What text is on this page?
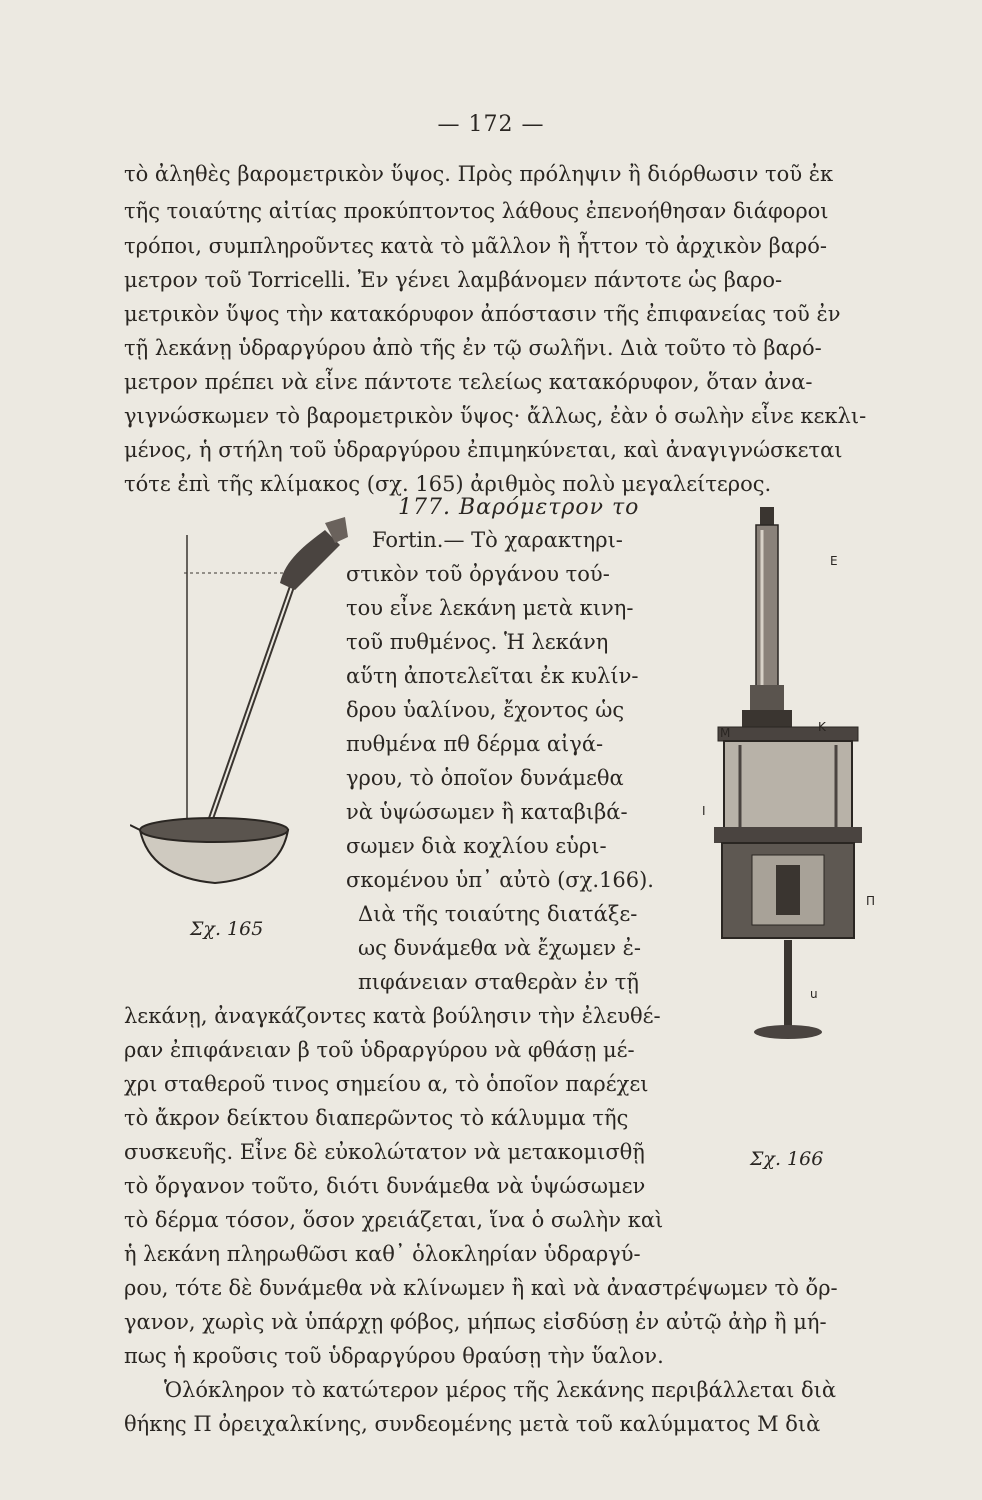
— 172 —
τὸ ἀληθὲς βαρομετρικὸν ὕψος. Πρὸς πρόληψιν ἢ διόρθωσιν τοῦ ἐκ
τῆς τοιαύτης αἰτίας προκύπτοντος λάθους ἐπενοήθησαν διάφοροι
τρόποι, συμπληροῦντες κατὰ τὸ μᾶλλον ἢ ἧττον τὸ ἀρχικὸν βαρό-
μετρον τοῦ Torricelli. Ἐν γένει λαμβάνομεν πάντοτε ὡς βαρο-
μετρικὸν ὕψος τὴν κατακόρυφον ἀπόστασιν τῆς ἐπιφανείας τοῦ ἐν
τῇ λεκάνῃ ὑδραργύρου ἀπὸ τῆς ἐν τῷ σωλῆνι. Διὰ τοῦτο τὸ βαρό-
μετρον πρέπει νὰ εἶνε πάντοτε τελείως κατακόρυφον, ὅταν ἀνα-
γιγνώσκωμεν τὸ βαρομετρικὸν ὕψος· ἄλλως, ἐὰν ὁ σωλὴν εἶνε κεκλι-
μένος, ἡ στήλη τοῦ ὑδραργύρου ἐπιμηκύνεται, καὶ ἀναγιγνώσκεται
τότε ἐπὶ τῆς κλίμακος (σχ. 165) ἀριθμὸς πολὺ μεγαλείτερος.
177. Βαρόμετρον το
Fortin.— Τὸ χαρακτηρι-
στικὸν τοῦ ὀργάνου τού-
του εἶνε λεκάνη μετὰ κινη-
τοῦ πυθμένος. Ἡ λεκάνη
αὕτη ἀποτελεῖται ἐκ κυλίν-
δρου ὑαλίνου, ἔχοντος ὡς
πυθμένα πθ δέρμα αἰγά-
γρου, τὸ ὁποῖον δυνάμεθα
νὰ ὑψώσωμεν ἢ καταβιβά-
σωμεν διὰ κοχλίου εὑρι-
σκομένου ὑπ᾽ αὐτὸ (σχ.166).
Διὰ τῆς τοιαύτης διατάξε-
ως δυνάμεθα νὰ ἔχωμεν ἐ-
πιφάνειαν σταθερὰν ἐν τῇ
λεκάνῃ, ἀναγκάζοντες κατὰ βούλησιν τὴν ἐλευθέ-
ραν ἐπιφάνειαν β τοῦ ὑδραργύρου νὰ φθάσῃ μέ-
χρι σταθεροῦ τινος σημείου α, τὸ ὁποῖον παρέχει
τὸ ἄκρον δείκτου διαπερῶντος τὸ κάλυμμα τῆς
συσκευῆς. Εἶνε δὲ εὐκολώτατον νὰ μετακομισθῇ
τὸ ὄργανον τοῦτο, διότι δυνάμεθα νὰ ὑψώσωμεν
τὸ δέρμα τόσον, ὅσον χρειάζεται, ἵνα ὁ σωλὴν καὶ
ἡ λεκάνη πληρωθῶσι καθ᾽ ὁλοκληρίαν ὑδραργύ-
ρου, τότε δὲ δυνάμεθα νὰ κλίνωμεν ἢ καὶ νὰ ἀναστρέψωμεν τὸ ὄρ-
γανον, χωρὶς νὰ ὑπάρχῃ φόβος, μήπως εἰσδύσῃ ἐν αὐτῷ ἀὴρ ἢ μή-
πως ἡ κροῦσις τοῦ ὑδραργύρου θραύσῃ τὴν ὕαλον.
Ὁλόκληρον τὸ κατώτερον μέρος τῆς λεκάνης περιβάλλεται διὰ
θήκης Π ὀρειχαλκίνης, συνδεομένης μετὰ τοῦ καλύμματος Μ διὰ
Σχ. 165
Ε
Μ	Κ
Ι
Π
u
Σχ. 166
